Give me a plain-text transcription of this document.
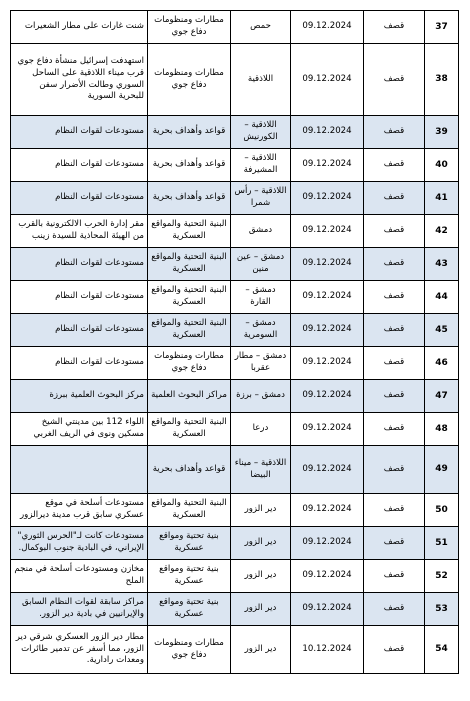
37	قصف	09.12.2024	حمص	مطارات ومنظومات دفاع جوي	شنت غارات على مطار الشعيرات
38	قصف	09.12.2024	اللاذقية	مطارات ومنظومات دفاع جوي	استهدفت إسرائيل منشأة دفاع جوي قرب ميناء اللاذقية على الساحل السوري وطالت الأضرار سفن للبحرية السورية
39	قصف	09.12.2024	اللاذقية – الكورنيش	قواعد وأهداف بحرية	مستودعات لقوات النظام
40	قصف	09.12.2024	اللاذقية – المشيرفة	قواعد وأهداف بحرية	مستودعات لقوات النظام
41	قصف	09.12.2024	اللاذقية – رأس شمرا	قواعد وأهداف بحرية	مستودعات لقوات النظام
42	قصف	09.12.2024	دمشق	البنية التحتية والمواقع العسكرية	مقر إدارة الحرب الالكترونية بالقرب من الهيئة المحاذية للسيدة زينب
43	قصف	09.12.2024	دمشق – عين منين	البنية التحتية والمواقع العسكرية	مستودعات لقوات النظام
44	قصف	09.12.2024	دمشق – القارة	البنية التحتية والمواقع العسكرية	مستودعات لقوات النظام
45	قصف	09.12.2024	دمشق – السومرية	البنية التحتية والمواقع العسكرية	مستودعات لقوات النظام
46	قصف	09.12.2024	دمشق – مطار عقربا	مطارات ومنظومات دفاع جوي	مستودعات لقوات النظام
47	قصف	09.12.2024	دمشق – برزة	مراكز البحوث العلمية	مركز البحوث العلمية ببرزة
48	قصف	09.12.2024	درعا	البنية التحتية والمواقع العسكرية	اللواء 112 بين مدينتي الشيخ مسكين ونوى في الريف الغربي
49	قصف	09.12.2024	اللاذقية – ميناء البيضا	قواعد وأهداف بحرية	
50	قصف	09.12.2024	دير الزور	البنية التحتية والمواقع العسكرية	مستودعات أسلحة في موقع عسكري سابق قرب مدينة ديرالزور
51	قصف	09.12.2024	دير الزور	بنية تحتية ومواقع عسكرية	مستودعات كانت لـ"الحرس الثوري" الإيراني، في البادية جنوب البوكمال.
52	قصف	09.12.2024	دير الزور	بنية تحتية ومواقع عسكرية	مخازن ومستودعات أسلحة في منجم الملح
53	قصف	09.12.2024	دير الزور	بنية تحتية ومواقع عسكرية	مراكز سابقة لقوات النظام السابق والإيرانيين في بادية دير الزور.
54	قصف	10.12.2024	دير الزور	مطارات ومنظومات دفاع جوي	مطار دير الزور العسكري شرقي دير الزور، مما أسفر عن تدمير طائرات ومعدات رادارية.
